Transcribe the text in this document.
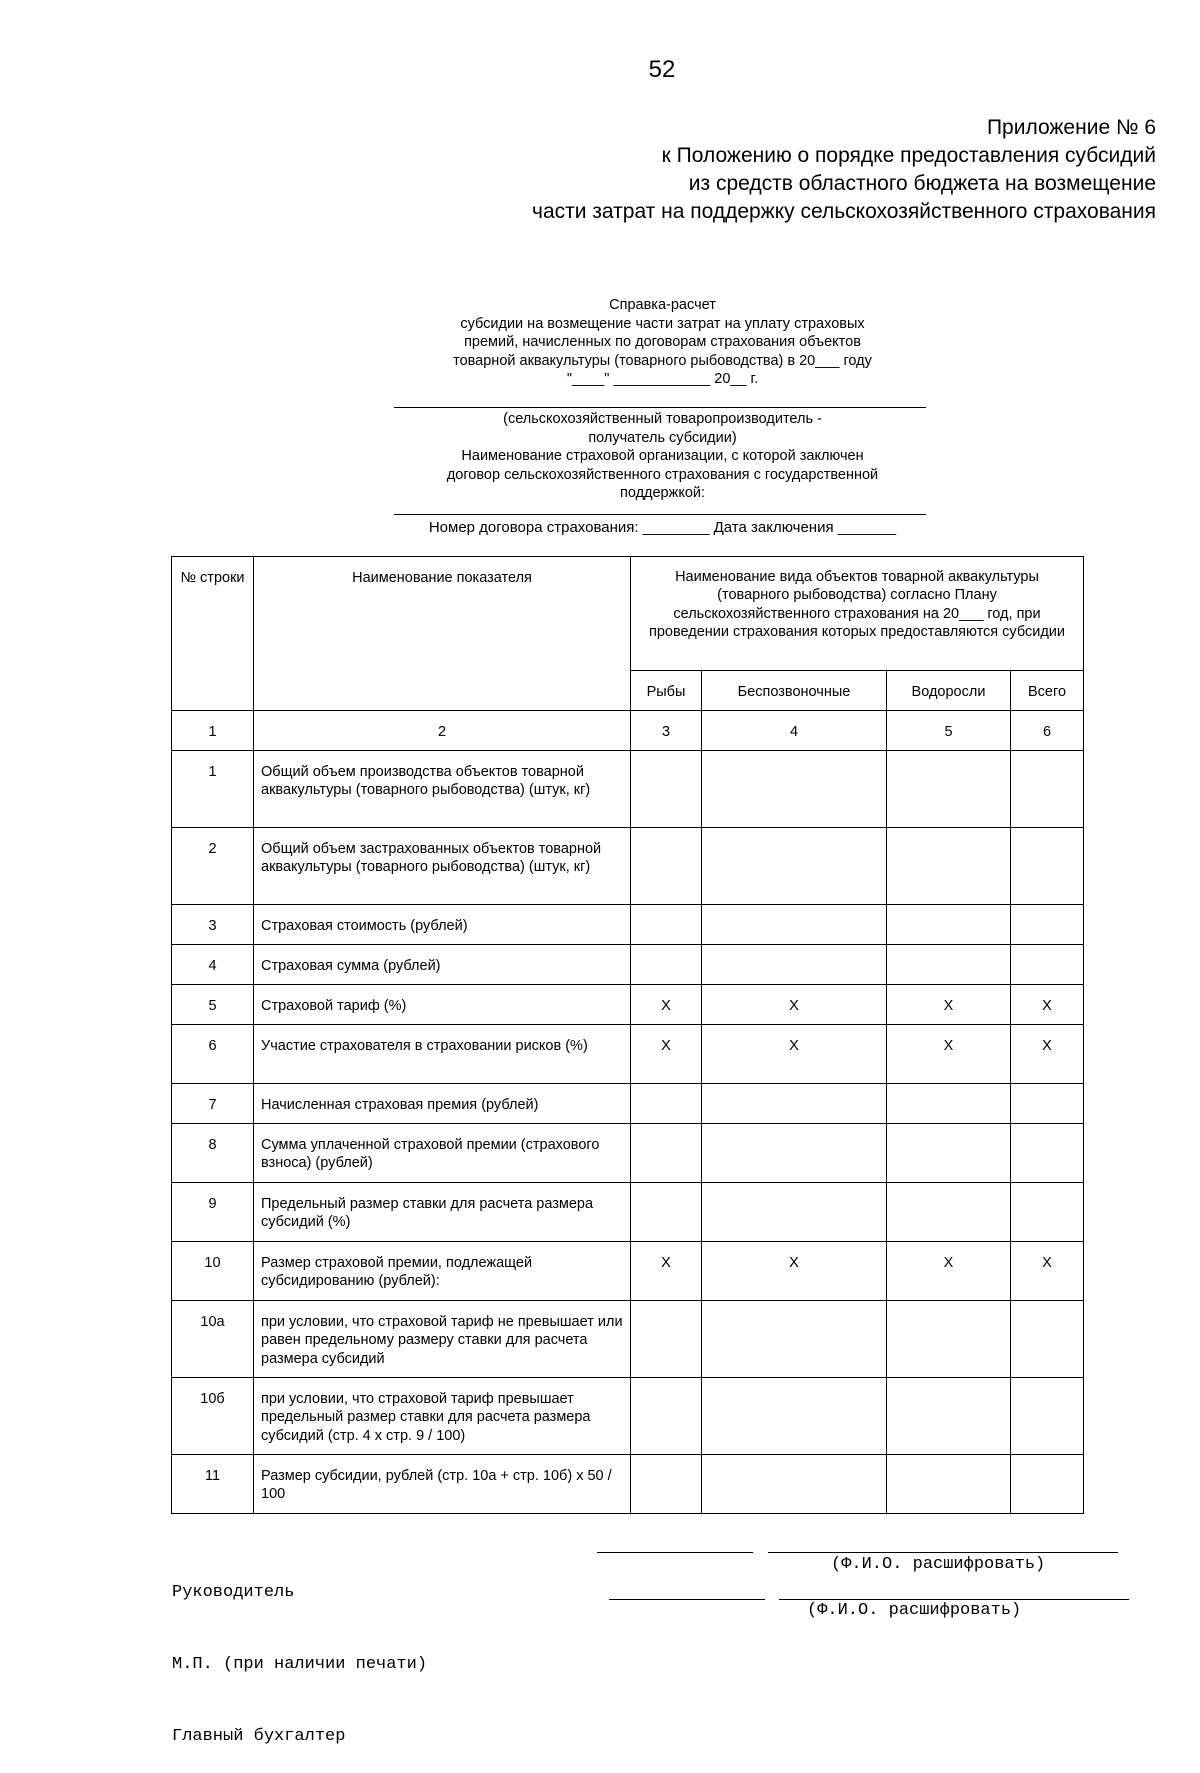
52
Приложение № 6
к Положению о порядке предоставления субсидий
из средств областного бюджета на возмещение
части затрат на поддержку сельскохозяйственного страхования
Справка-расчет
субсидии на возмещение части затрат на уплату страховых
премий, начисленных по договорам страхования объектов
товарной аквакультуры (товарного рыбоводства) в 20___ году
"____" ____________ 20__ г.
(сельскохозяйственный товаропроизводитель -
получатель субсидии)
Наименование страховой организации, с которой заключен
договор сельскохозяйственного страхования с государственной
поддержкой:
Номер договора страхования: ________ Дата заключения _______
№ строки	Наименование показателя	Наименование вида объектов товарной аквакультуры (товарного рыбоводства) согласно Плану сельскохозяйственного страхования на 20___ год, при проведении страхования которых предоставляются субсидии			
		Рыбы	Беспозвоночные	Водоросли	Всего
1	2	3	4	5	6
1	Общий объем производства объектов товарной аквакультуры (товарного рыбоводства) (штук, кг)				
2	Общий объем застрахованных объектов товарной аквакультуры (товарного рыбоводства) (штук, кг)				
3	Страховая стоимость (рублей)				
4	Страховая сумма (рублей)				
5	Страховой тариф (%)	X	X	X	X
6	Участие страхователя в страховании рисков (%)	X	X	X	X
7	Начисленная страховая премия (рублей)				
8	Сумма уплаченной страховой премии (страхового взноса) (рублей)				
9	Предельный размер ставки для расчета размера субсидий (%)				
10	Размер страховой премии, подлежащей субсидированию (рублей):	X	X	X	X
10а	при условии, что страховой тариф не превышает или равен предельному размеру ставки для расчета размера субсидий				
10б	при условии, что страховой тариф превышает предельный размер ставки для расчета размера субсидий (стр. 4 x стр. 9 / 100)				
11	Размер субсидии, рублей (стр. 10а + стр. 10б) x 50 / 100				

Руководитель

М.П. (при наличии печати)

Главный бухгалтер

(Ф.И.О. расшифровать)
(Ф.И.О. расшифровать)
